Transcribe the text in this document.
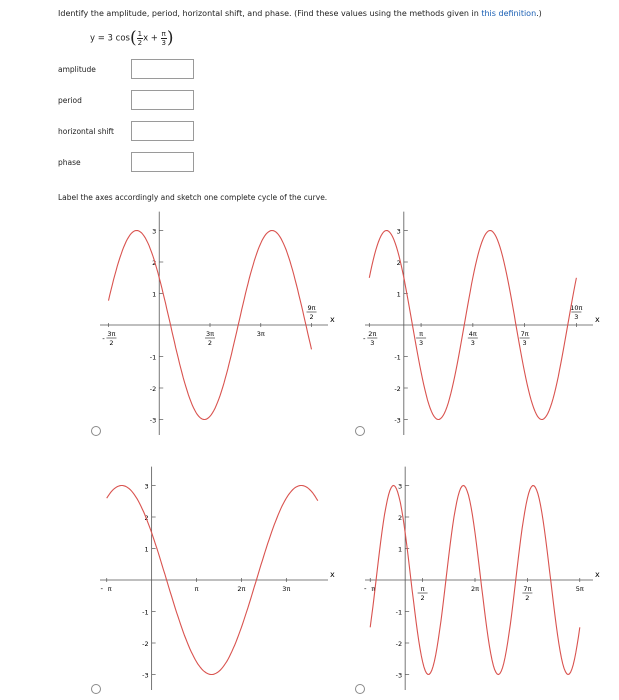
Identify the amplitude, period, horizontal shift, and phase. (Find these values using the methods given in this definition.)
y = 3 $\cos( \frac{1}{2}$ $x + \frac{\pi}{3}$ )
amplitude
period
horizontal shift
phase
Label the axes accordingly and sketch one complete cycle of the curve.
x
3
2
1
-1
-2
-3
-
3π
2
3π
2
3π
9π
2	x
3
2
1
-1
-2
-3
-
2π
3
π
3
4π
3
7π
3
10π
3
x
3
2
1
-1
-2
-3
- π	π	2π	3π
x
3
2
1
-1
-2
-3
- π	π
2
2π	7π
2
5π
